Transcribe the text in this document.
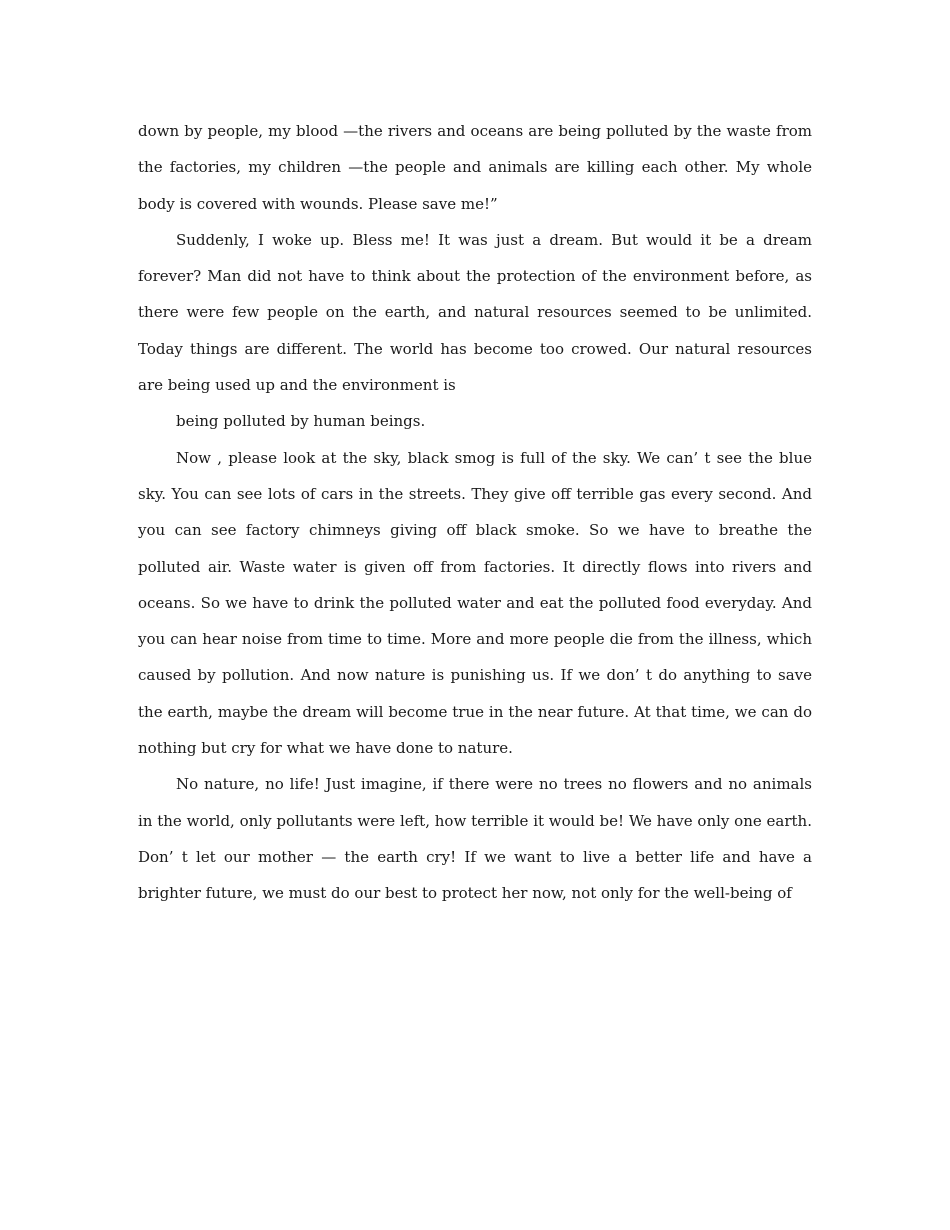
down by people, my blood —the rivers and oceans are being polluted by the waste from the factories, my children —the people and animals are killing each other. My whole body is covered with wounds. Please save me!”

Suddenly, I woke up. Bless me! It was just a dream. But would it be a dream forever? Man did not have to think about the protection of the environment before, as there were few people on the earth, and natural resources seemed to be unlimited. Today things are different. The world has become too crowed. Our natural resources are being used up and the environment is

being polluted by human beings.

Now , please look at the sky, black smog is full of the sky. We can’ t see the blue sky. You can see lots of cars in the streets. They give off terrible gas every second. And you can see factory chimneys giving off black smoke. So we have to breathe the polluted air. Waste water is given off from factories. It directly flows into rivers and oceans. So we have to drink the polluted water and eat the polluted food everyday. And you can hear noise from time to time. More and more people die from the illness, which caused by pollution. And now nature is punishing us. If we don’ t do anything to save the earth, maybe the dream will become true in the near future. At that time, we can do nothing but cry for what we have done to nature.

No nature, no life! Just imagine, if there were no trees no flowers and no animals in the world, only pollutants were left, how terrible it would be! We have only one earth. Don’ t let our mother — the earth cry! If we want to live a better life and have a brighter future, we must do our best to protect her now, not only for the well-being of
